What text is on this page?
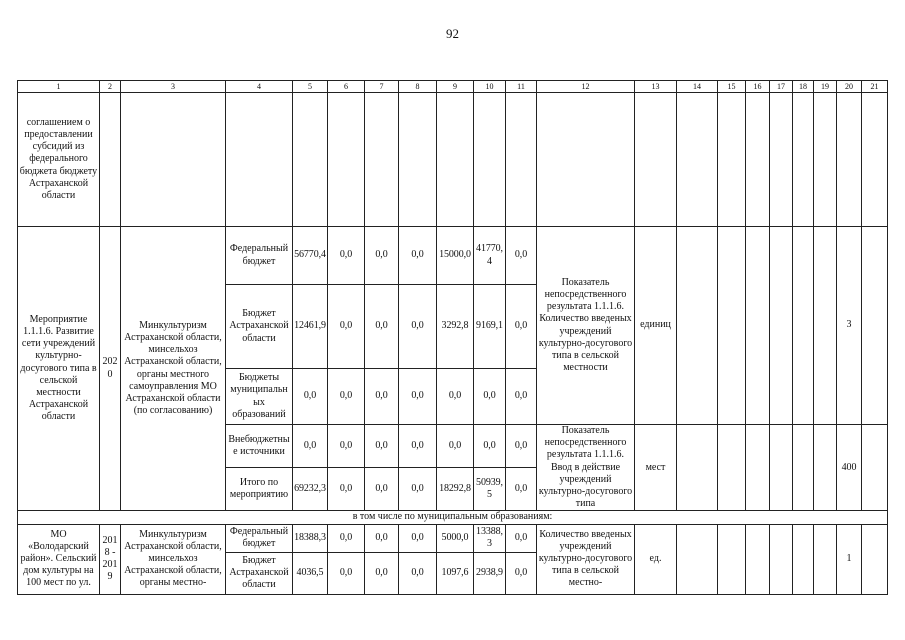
92
1	2	3	4	5	6	7	8	9	10	11	12	13	14	15	16	17	18	19	20	21
соглашением о предоставлении субсидий из федерального бюджета бюджету Астраханской области																				
Мероприятие 1.1.1.6. Развитие сети учреждений культурно-досугового типа в сельской местности Астраханской области	2020	Минкультуризм Астраханской области, минсельхоз Астраханской области, органы местного самоуправления МО Астраханской области (по согласованию)	Федеральный бюджет	56770,4	0,0	0,0	0,0	15000,0	41770,4	0,0	Показатель непосредственного результата 1.1.1.6. Количество введеных учреждений культурно-досугового типа в сельской местности	единиц							3	
			Бюджет Астраханской области	12461,9	0,0	0,0	0,0	3292,8	9169,1	0,0										
			Бюджеты муниципальных образований	0,0	0,0	0,0	0,0	0,0	0,0	0,0										
			Внебюджетные источники	0,0	0,0	0,0	0,0	0,0	0,0	0,0	Показатель непосредственного результата 1.1.1.6. Ввод в действие учреждений культурно-досугового типа	мест							400	
			Итого по мероприятию	69232,3	0,0	0,0	0,0	18292,8	50939,5	0,0										
в том числе по муниципальным образованиям:																				
МО «Володарский район». Сельский дом культуры на 100 мест по ул.	2018 - 2019	Минкультуризм Астраханской области, минсельхоз Астраханской области, органы местно-	Федеральный бюджет	18388,3	0,0	0,0	0,0	5000,0	13388,3	0,0	Количество введеных учреждений культурно-досугового типа в сельской местно-	ед.							1	
			Бюджет Астраханской области	4036,5	0,0	0,0	0,0	1097,6	2938,9	0,0										
